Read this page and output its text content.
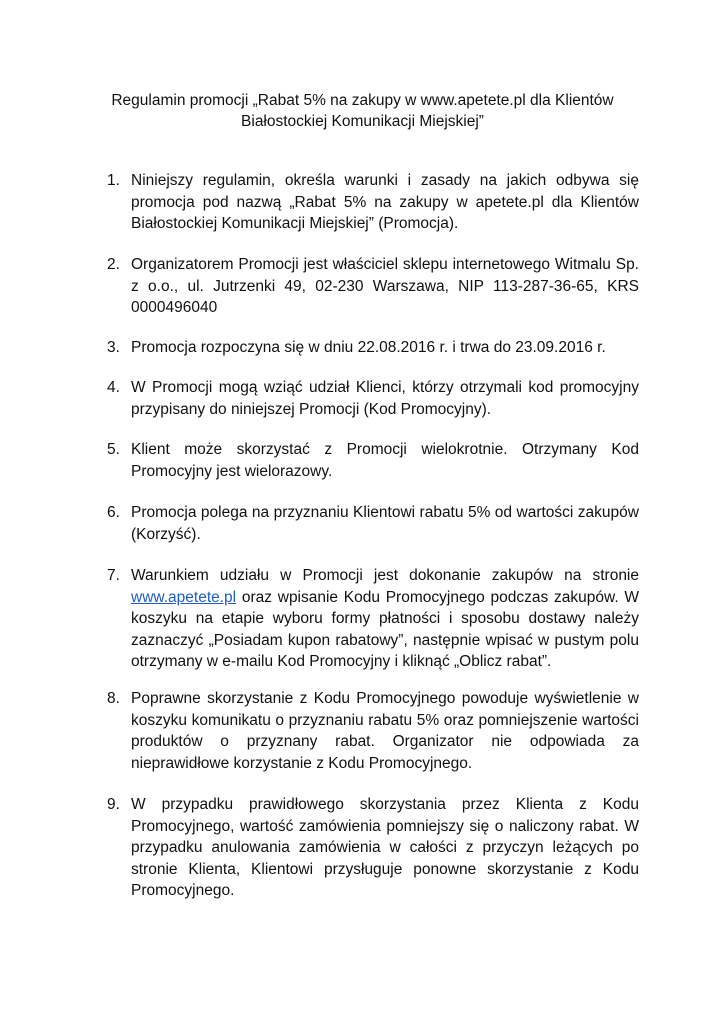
Regulamin promocji „Rabat 5% na zakupy w www.apetete.pl dla Klientów
Białostockiej Komunikacji Miejskiej”
1. Niniejszy regulamin, określa warunki i zasady na jakich odbywa się promocja pod nazwą „Rabat 5% na zakupy w apetete.pl dla Klientów Białostockiej Komunikacji Miejskiej” (Promocja).
2. Organizatorem Promocji jest właściciel sklepu internetowego Witmalu Sp. z o.o., ul. Jutrzenki 49, 02-230 Warszawa, NIP 113-287-36-65, KRS 0000496040
3. Promocja rozpoczyna się w dniu 22.08.2016 r. i trwa do 23.09.2016 r.
4. W Promocji mogą wziąć udział Klienci, którzy otrzymali kod promocyjny przypisany do niniejszej Promocji (Kod Promocyjny).
5. Klient może skorzystać z Promocji wielokrotnie. Otrzymany Kod Promocyjny jest wielorazowy.
6. Promocja polega na przyznaniu Klientowi rabatu 5% od wartości zakupów (Korzyść).
7. Warunkiem udziału w Promocji jest dokonanie zakupów na stronie www.apetete.pl oraz wpisanie Kodu Promocyjnego podczas zakupów. W koszyku na etapie wyboru formy płatności i sposobu dostawy należy zaznaczyć „Posiadam kupon rabatowy”, następnie wpisać w pustym polu otrzymany w e-mailu Kod Promocyjny i kliknąć „Oblicz rabat”.
8. Poprawne skorzystanie z Kodu Promocyjnego powoduje wyświetlenie w koszyku komunikatu o przyznaniu rabatu 5% oraz pomniejszenie wartości produktów o przyznany rabat. Organizator nie odpowiada za nieprawidłowe korzystanie z Kodu Promocyjnego.
9. W przypadku prawidłowego skorzystania przez Klienta z Kodu Promocyjnego, wartość zamówienia pomniejszy się o naliczony rabat. W przypadku anulowania zamówienia w całości z przyczyn leżących po stronie Klienta, Klientowi przysługuje ponowne skorzystanie z Kodu Promocyjnego.
